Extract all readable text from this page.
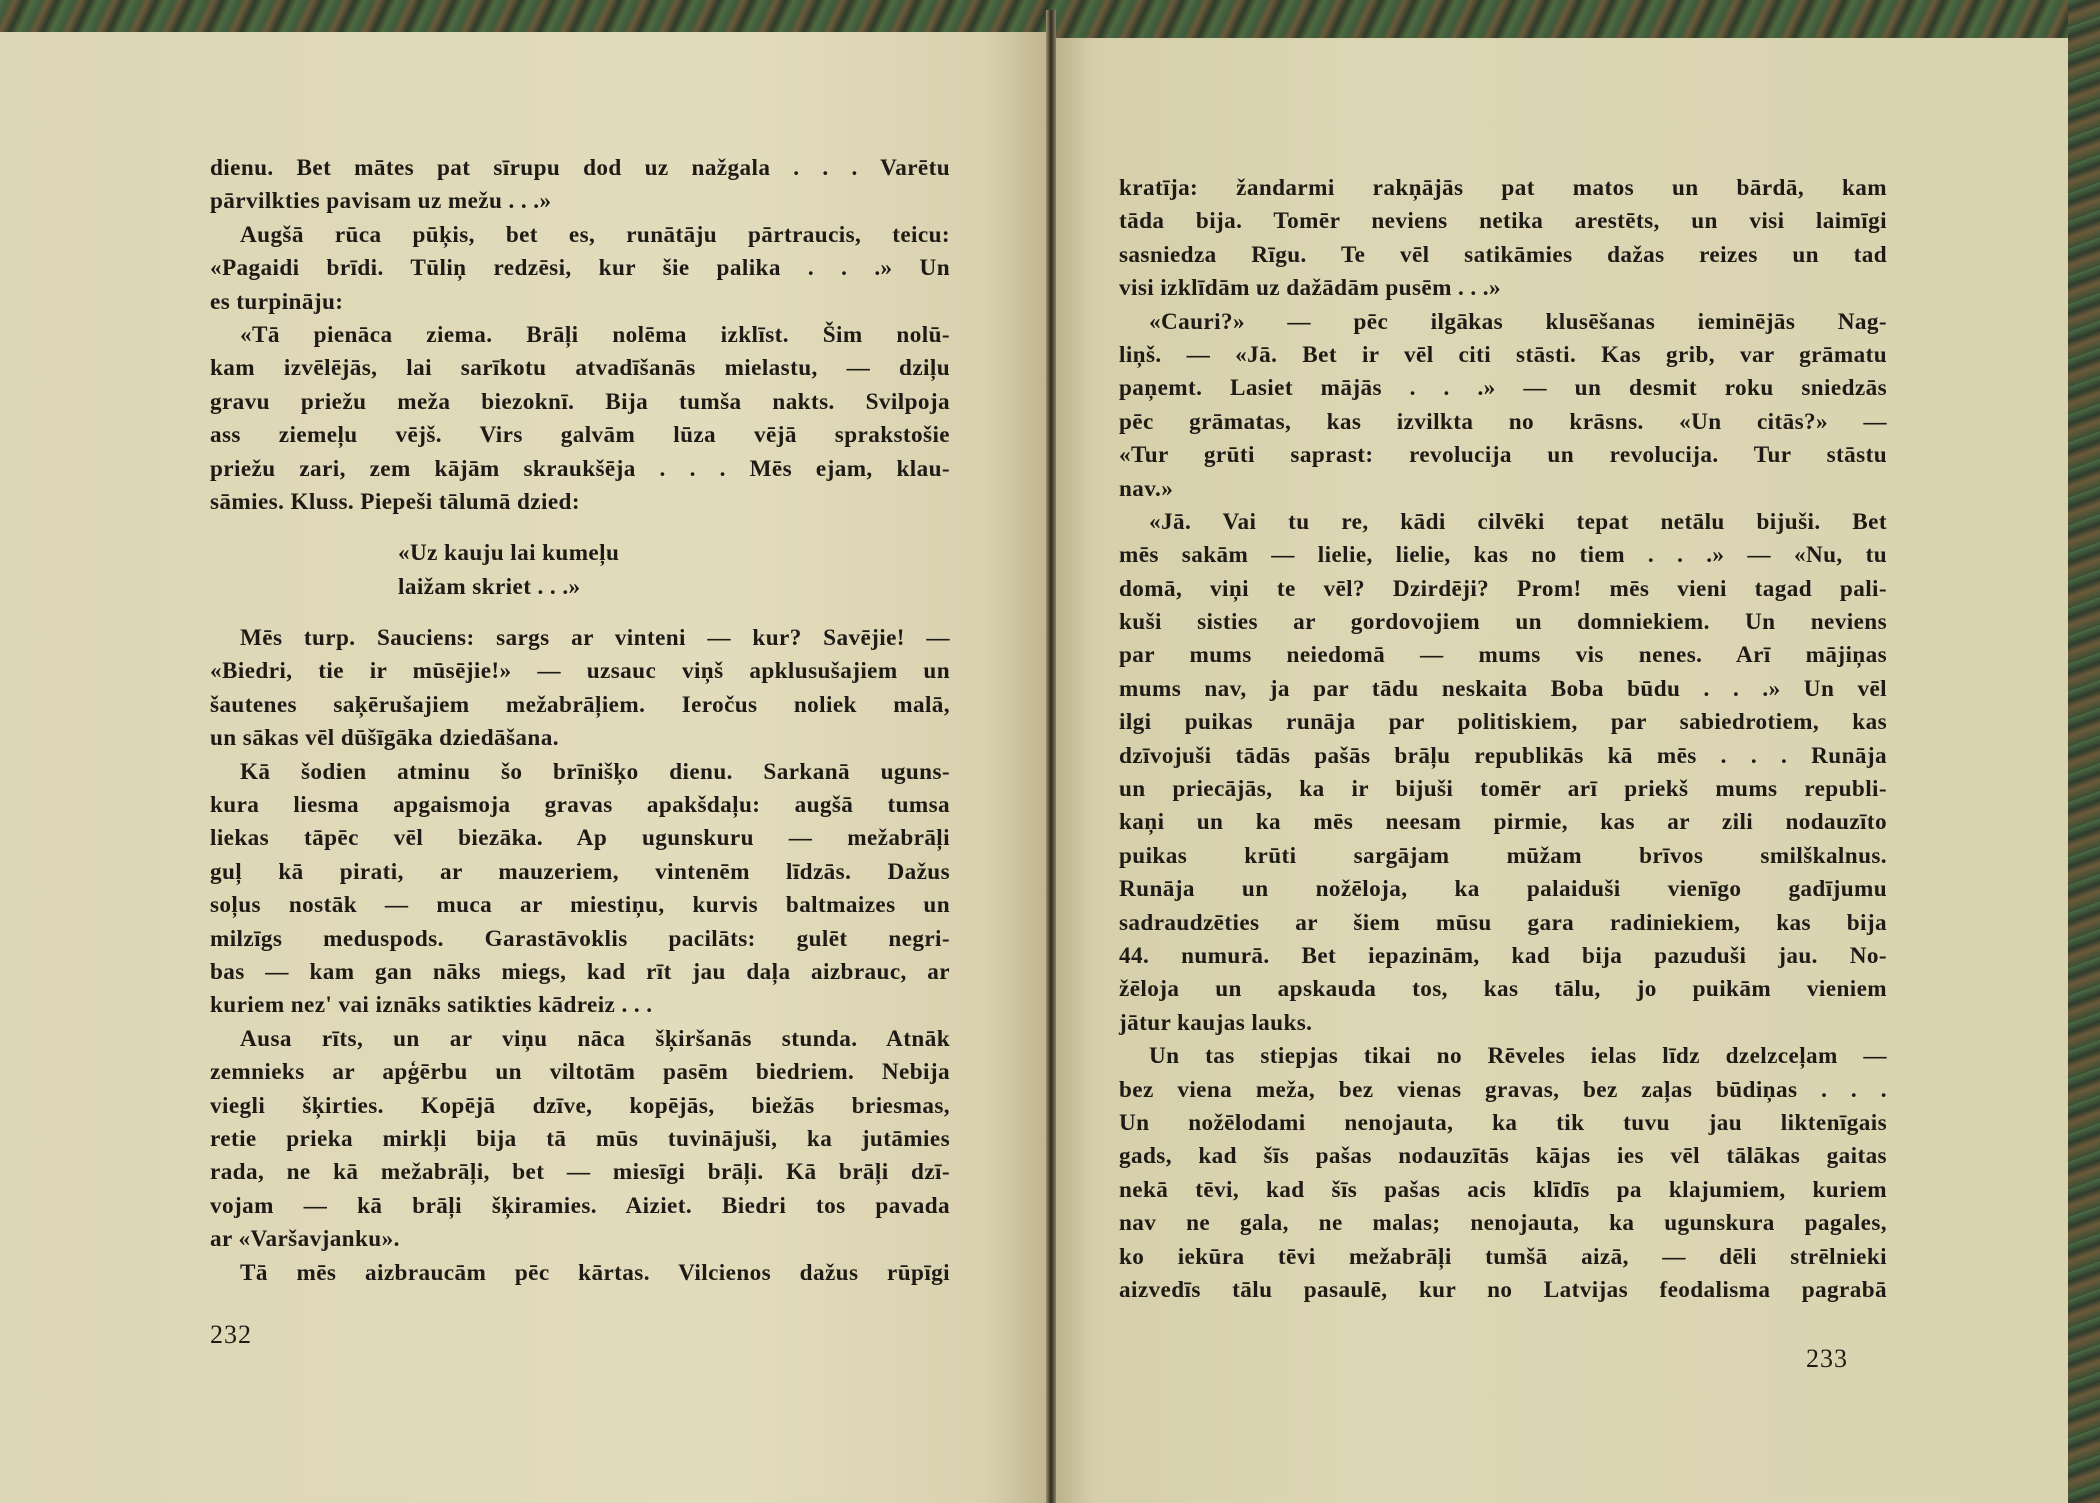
dienu. Bet mātes pat sīrupu dod uz nažgala . . . Varētu
pārvilkties pavisam uz mežu . . .»
Augšā rūca pūķis, bet es, runātāju pārtraucis, teicu:
«Pagaidi brīdi. Tūliņ redzēsi, kur šie palika . . .» Un
es turpināju:
«Tā pienāca ziema. Brāļi nolēma izklīst. Šim nolū-
kam izvēlējās, lai sarīkotu atvadīšanās mielastu, — dziļu
gravu priežu meža biezoknī. Bija tumša nakts. Svilpoja
ass ziemeļu vējš. Virs galvām lūza vējā sprakstošie
priežu zari, zem kājām skraukšēja . . . Mēs ejam, klau-
sāmies. Kluss. Piepeši tālumā dzied:
«Uz kauju lai kumeļu
laižam skriet . . .»
Mēs turp. Sauciens: sargs ar vinteni — kur? Savējie! —
«Biedri, tie ir mūsējie!» — uzsauc viņš apklusušajiem un
šautenes saķērušajiem mežabrāļiem. Ieročus noliek malā,
un sākas vēl dūšīgāka dziedāšana.
Kā šodien atminu šo brīnišķo dienu. Sarkanā uguns-
kura liesma apgaismoja gravas apakšdaļu: augšā tumsa
liekas tāpēc vēl biezāka. Ap ugunskuru — mežabrāļi
guļ kā pirati, ar mauzeriem, vintenēm līdzās. Dažus
soļus nostāk — muca ar miestiņu, kurvis baltmaizes un
milzīgs meduspods. Garastāvoklis pacilāts: gulēt negri-
bas — kam gan nāks miegs, kad rīt jau daļa aizbrauc, ar
kuriem nez' vai iznāks satikties kādreiz . . .
Ausa rīts, un ar viņu nāca šķiršanās stunda. Atnāk
zemnieks ar apģērbu un viltotām pasēm biedriem. Nebija
viegli šķirties. Kopējā dzīve, kopējās, biežās briesmas,
retie prieka mirkļi bija tā mūs tuvinājuši, ka jutāmies
rada, ne kā mežabrāļi, bet — miesīgi brāļi. Kā brāļi dzī-
vojam — kā brāļi šķiramies. Aiziet. Biedri tos pavada
ar «Varšavjanku».
Tā mēs aizbraucām pēc kārtas. Vilcienos dažus rūpīgi
232
kratīja: žandarmi rakņājās pat matos un bārdā, kam
tāda bija. Tomēr neviens netika arestēts, un visi laimīgi
sasniedza Rīgu. Te vēl satikāmies dažas reizes un tad
visi izklīdām uz dažādām pusēm . . .»
«Cauri?» — pēc ilgākas klusēšanas ieminējās Nag-
liņš. — «Jā. Bet ir vēl citi stāsti. Kas grib, var grāmatu
paņemt. Lasiet mājās . . .» — un desmit roku sniedzās
pēc grāmatas, kas izvilkta no krāsns. «Un citās?» —
«Tur grūti saprast: revolucija un revolucija. Tur stāstu
nav.»
«Jā. Vai tu re, kādi cilvēki tepat netālu bijuši. Bet
mēs sakām — lielie, lielie, kas no tiem . . .» — «Nu, tu
domā, viņi te vēl? Dzirdēji? Prom! mēs vieni tagad pali-
kuši sisties ar gordovojiem un domniekiem. Un neviens
par mums neiedomā — mums vis nenes. Arī mājiņas
mums nav, ja par tādu neskaita Boba būdu . . .» Un vēl
ilgi puikas runāja par politiskiem, par sabiedrotiem, kas
dzīvojuši tādās pašās brāļu republikās kā mēs . . . Runāja
un priecājās, ka ir bijuši tomēr arī priekš mums republi-
kaņi un ka mēs neesam pirmie, kas ar zili nodauzīto
puikas krūti sargājam mūžam brīvos smilškalnus.
Runāja un nožēloja, ka palaiduši vienīgo gadījumu
sadraudzēties ar šiem mūsu gara radiniekiem, kas bija
44. numurā. Bet iepazinām, kad bija pazuduši jau. No-
žēloja un apskauda tos, kas tālu, jo puikām vieniem
jātur kaujas lauks.
Un tas stiepjas tikai no Rēveles ielas līdz dzelzceļam —
bez viena meža, bez vienas gravas, bez zaļas būdiņas . . .
Un nožēlodami nenojauta, ka tik tuvu jau liktenīgais
gads, kad šīs pašas nodauzītās kājas ies vēl tālākas gaitas
nekā tēvi, kad šīs pašas acis klīdīs pa klajumiem, kuriem
nav ne gala, ne malas; nenojauta, ka ugunskura pagales,
ko iekūra tēvi mežabrāļi tumšā aizā, — dēli strēlnieki
aizvedīs tālu pasaulē, kur no Latvijas feodalisma pagrabā
233
